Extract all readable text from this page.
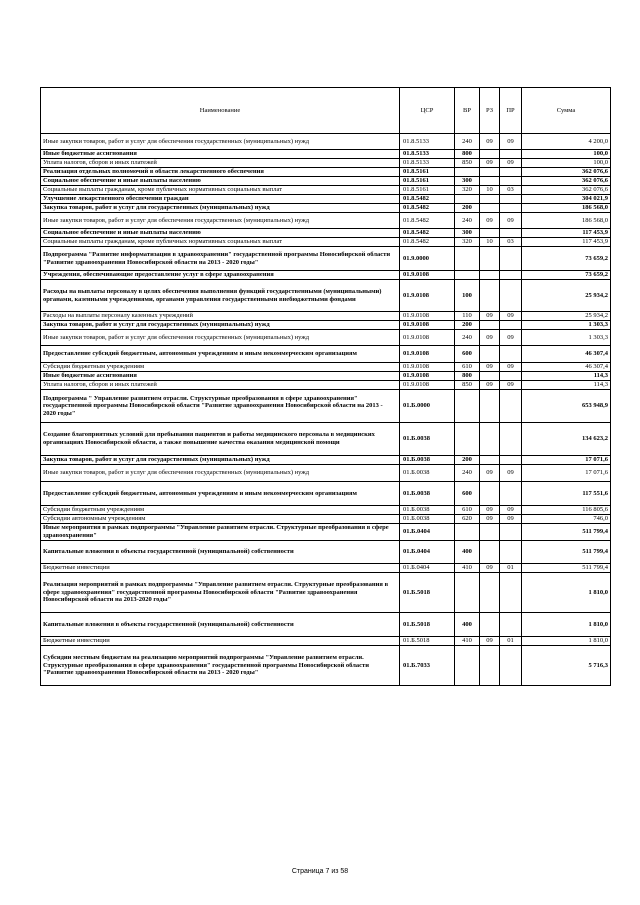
Наименование	ЦСР	ВР	РЗ	ПР	Сумма
Иные закупки товаров, работ и услуг для обеспечения государственных (муниципальных) нужд	01.8.5133	240	09	09	4 200,0
Иные бюджетные ассигнования	01.8.5133	800			100,0
Уплата налогов, сборов и иных платежей	01.8.5133	850	09	09	100,0
Реализация отдельных полномочий в области лекарственного обеспечения	01.8.5161				362 076,6
Социальное обеспечение и иные выплаты населению	01.8.5161	300			362 076,6
Социальные выплаты гражданам, кроме публичных нормативных социальных выплат	01.8.5161	320	10	03	362 076,6
Улучшение лекарственного обеспечения граждан	01.8.5482				304 021,9
Закупка товаров, работ и услуг для государственных (муниципальных) нужд	01.8.5482	200			186 568,0
Иные закупки товаров, работ и услуг для обеспечения государственных (муниципальных) нужд	01.8.5482	240	09	09	186 568,0
Социальное обеспечение и иные выплаты населению	01.8.5482	300			117 453,9
Социальные выплаты гражданам, кроме публичных нормативных социальных выплат	01.8.5482	320	10	03	117 453,9
Подпрограмма "Развитие информатизации в здравоохранении" государственной программы Новосибирской области "Развитие здравоохранения Новосибирской области на 2013 - 2020 годы"	01.9.0000				73 659,2
Учреждения, обеспечивающие предоставление услуг в сфере здравоохранения	01.9.0108				73 659,2
Расходы на выплаты персоналу в целях обеспечения выполнения функций государственными (муниципальными) органами, казенными учреждениями, органами управления государственными внебюджетными фондами	01.9.0108	100			25 934,2
Расходы на выплаты персоналу казенных учреждений	01.9.0108	110	09	09	25 934,2
Закупка товаров, работ и услуг для государственных (муниципальных) нужд	01.9.0108	200			1 303,3
Иные закупки товаров, работ и услуг для обеспечения государственных (муниципальных) нужд	01.9.0108	240	09	09	1 303,3
Предоставление субсидий бюджетным, автономным учреждениям и иным некоммерческим организациям	01.9.0108	600			46 307,4
Субсидии бюджетным учреждениям	01.9.0108	610	09	09	46 307,4
Иные бюджетные ассигнования	01.9.0108	800			114,3
Уплата налогов, сборов и иных платежей	01.9.0108	850	09	09	114,3
Подпрограмма " Управление развитием отрасли. Структурные преобразования в сфере здравоохранения" государственной программы Новосибирской области "Развитие здравоохранения Новосибирской области на 2013 - 2020 годы"	01.Б.0000				653 948,9
Создание благоприятных условий для пребывания пациентов и работы медицинского персонала в медицинских организациях Новосибирской области, а также повышение качества оказания медицинской помощи	01.Б.0038				134 623,2
Закупка товаров, работ и услуг для государственных (муниципальных) нужд	01.Б.0038	200			17 071,6
Иные закупки товаров, работ и услуг для обеспечения государственных (муниципальных) нужд	01.Б.0038	240	09	09	17 071,6
Предоставление субсидий бюджетным, автономным учреждениям и иным некоммерческим организациям	01.Б.0038	600			117 551,6
Субсидии бюджетным учреждениям	01.Б.0038	610	09	09	116 805,6
Субсидии автономным учреждениям	01.Б.0038	620	09	09	746,0
Иные мероприятия в рамках подпрограммы "Управление развитием отрасли. Структурные преобразования в сфере здравоохранения"	01.Б.0404				511 799,4
Капитальные вложения в объекты государственной (муниципальной) собственности	01.Б.0404	400			511 799,4
Бюджетные инвестиции	01.Б.0404	410	09	01	511 799,4
Реализация мероприятий в рамках подпрограммы "Управление развитием отрасли. Структурные преобразования в сфере здравоохранения" государственной программы Новосибирской области "Развитие здравоохранения Новосибирской области на 2013-2020 годы"	01.Б.5018				1 810,0
Капитальные вложения в объекты государственной (муниципальной) собственности	01.Б.5018	400			1 810,0
Бюджетные инвестиции	01.Б.5018	410	09	01	1 810,0
Субсидии местным бюджетам на реализацию мероприятий подпрограммы "Управление развитием отрасли. Структурные преобразования в сфере здравоохранения" государственной программы Новосибирской области "Развитие здравоохранения Новосибирской области на 2013 - 2020 годы"	01.Б.7033				5 716,3
Страница 7 из 58
